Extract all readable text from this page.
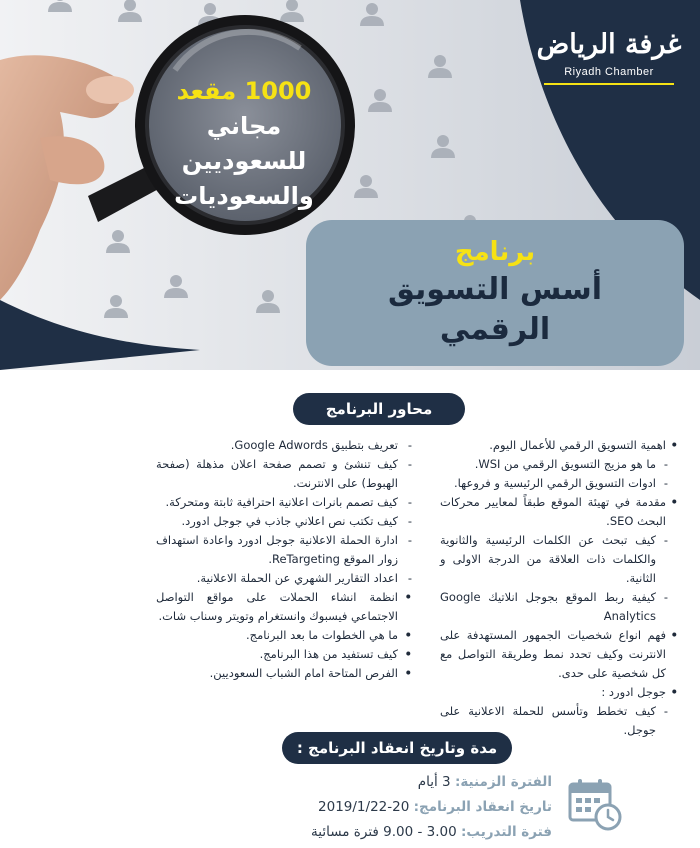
غرفة الرياض
Riyadh Chamber
1000 مقعد
مجاني
للسعوديين
والسعوديات
برنامج
أسس التسويق
الرقمي
محاور البرنامج
• اهمية التسويق الرقمي للأعمال اليوم.
- ما هو مزيج التسويق الرقمي من WSI.
- ادوات التسويق الرقمي الرئيسية و فروعها.
• مقدمة في تهيئة الموقع طبقاً لمعايير محركات البحث SEO.
- كيف تبحث عن الكلمات الرئيسية والثانوية والكلمات ذات العلاقة من الدرجة الاولى و الثانية.
- كيفية ربط الموقع بجوجل انلاتيك Google Analytics
• فهم انواع شخصيات الجمهور المستهدفة على الانترنت وكيف تحدد نمط وطريقة التواصل مع كل شخصية على حدى.
• جوجل ادورد :
- كيف تخطط وتأسس للحملة الاعلانية على جوجل.
- تعريف بتطبيق Google Adwords.
- كيف تنشئ و تصمم صفحة اعلان مذهلة (صفحة الهبوط) على الانترنت.
- كيف تصمم بانرات اعلانية احترافية ثابتة ومتحركة.
- كيف تكتب نص اعلاني جاذب في جوجل ادورد.
- ادارة الحملة الاعلانية جوجل ادورد واعادة استهداف زوار الموقع ReTargeting.
- اعداد التقارير الشهري عن الحملة الاعلانية.
• انظمة انشاء الحملات على مواقع التواصل الاجتماعي فيسبوك وانستغرام وتويتر وسناب شات.
• ما هي الخطوات ما بعد البرنامج.
• كيف تستفيد من هذا البرنامج.
• الفرص المتاحة امام الشباب السعوديين.
مدة وتاريخ انعقاد البرنامج :
الفترة الزمنية: 3 أيام
تاريخ انعقاد البرنامج: 20-2019/1/22
فترة التدريب: 3.00 - 9.00 فترة مسائية
